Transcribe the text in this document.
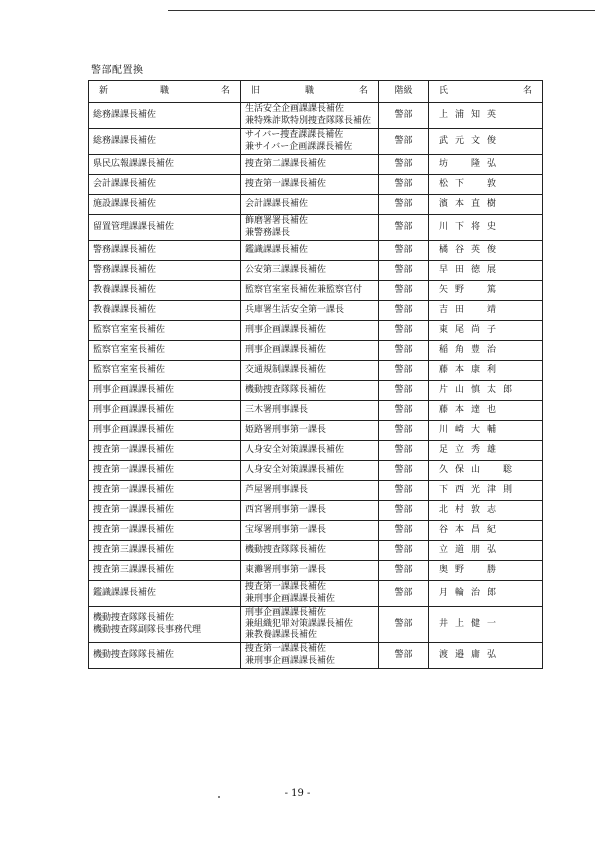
警部配置換
新 職 名	旧 職 名	階級	氏 名

総務課課長補佐	生活安全企画課課長補佐
兼特殊詐欺特別捜査隊隊長補佐	警部	上浦知英

総務課課長補佐	サイバー捜査課課長補佐
兼サイバー企画課課長補佐	警部	武元文俊

県民広報課課長補佐	捜査第二課課長補佐	警部	坊　隆弘

会計課課長補佐	捜査第一課課長補佐	警部	松下　敦

施設課課長補佐	会計課課長補佐	警部	濱本直樹

留置管理課課長補佐	飾磨署署長補佐
兼警務課長	警部	川下将史

警務課課長補佐	鑑識課課長補佐	警部	橘谷英俊

警務課課長補佐	公安第三課課長補佐	警部	早田徳展

教養課課長補佐	監察官室室長補佐兼監察官付	警部	矢野　篤

教養課課長補佐	兵庫署生活安全第一課長	警部	吉田　靖

監察官室室長補佐	刑事企画課課長補佐	警部	東尾尚子

監察官室室長補佐	刑事企画課課長補佐	警部	稲角豊治

監察官室室長補佐	交通規制課課長補佐	警部	藤本康利

刑事企画課課長補佐	機動捜査隊隊長補佐	警部	片山慎太郎

刑事企画課課長補佐	三木署刑事課長	警部	藤本達也

刑事企画課課長補佐	姫路署刑事第一課長	警部	川崎大輔

捜査第一課課長補佐	人身安全対策課課長補佐	警部	足立秀雄

捜査第一課課長補佐	人身安全対策課課長補佐	警部	久保山　聡

捜査第一課課長補佐	芦屋署刑事課長	警部	下西光津則

捜査第一課課長補佐	西宮署刑事第一課長	警部	北村敦志

捜査第一課課長補佐	宝塚署刑事第一課長	警部	谷本昌紀

捜査第三課課長補佐	機動捜査隊隊長補佐	警部	立道朋弘

捜査第三課課長補佐	東灘署刑事第一課長	警部	奥野　勝

鑑識課課長補佐	捜査第一課課長補佐
兼刑事企画課課長補佐	警部	月輪治郎

機動捜査隊隊長補佐
機動捜査隊副隊長事務代理	刑事企画課課長補佐
兼組織犯罪対策課課長補佐
兼教養課課長補佐	警部	井上健一

機動捜査隊隊長補佐	捜査第一課課長補佐
兼刑事企画課課長補佐	警部	渡邉庸弘
- 19 -
